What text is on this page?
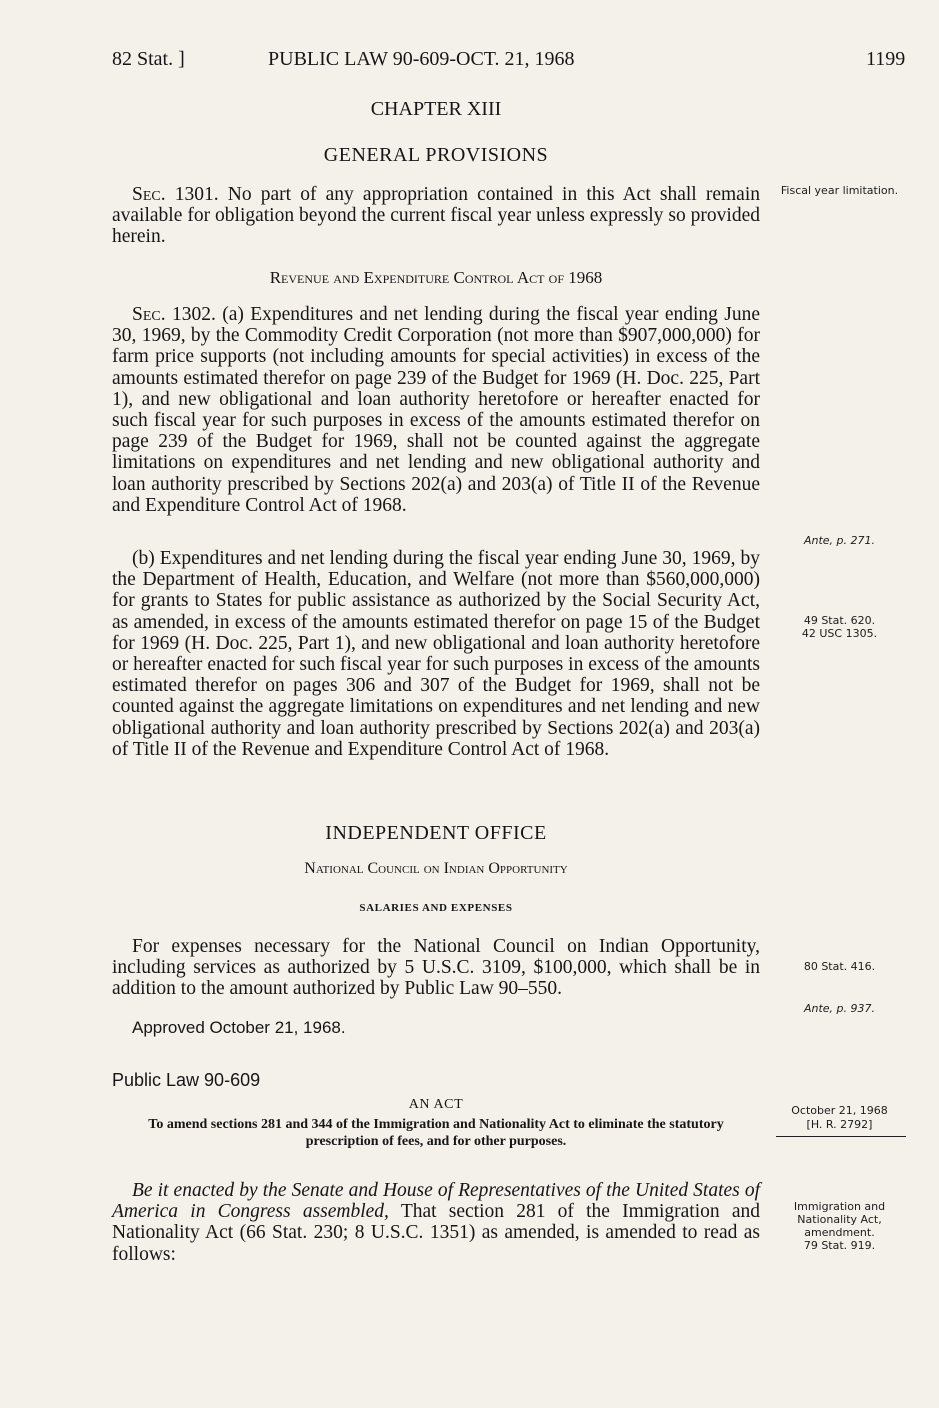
82 Stat. ]	PUBLIC LAW 90-609-OCT. 21, 1968	1199
CHAPTER XIII
GENERAL PROVISIONS
Sec. 1301. No part of any appropriation contained in this Act shall remain available for obligation beyond the current fiscal year unless expressly so provided herein.
Fiscal year limitation.
Revenue and Expenditure Control Act of 1968
Sec. 1302. (a) Expenditures and net lending during the fiscal year ending June 30, 1969, by the Commodity Credit Corporation (not more than $907,000,000) for farm price supports (not including amounts for special activities) in excess of the amounts estimated therefor on page 239 of the Budget for 1969 (H. Doc. 225, Part 1), and new obligational and loan authority heretofore or hereafter enacted for such fiscal year for such purposes in excess of the amounts estimated therefor on page 239 of the Budget for 1969, shall not be counted against the aggregate limitations on expenditures and net lending and new obligational authority and loan authority prescribed by Sections 202(a) and 203(a) of Title II of the Revenue and Expenditure Control Act of 1968.
Ante, p. 271.
(b) Expenditures and net lending during the fiscal year ending June 30, 1969, by the Department of Health, Education, and Welfare (not more than $560,000,000) for grants to States for public assistance as authorized by the Social Security Act, as amended, in excess of the amounts estimated therefor on page 15 of the Budget for 1969 (H. Doc. 225, Part 1), and new obligational and loan authority heretofore or hereafter enacted for such fiscal year for such purposes in excess of the amounts estimated therefor on pages 306 and 307 of the Budget for 1969, shall not be counted against the aggregate limitations on expenditures and net lending and new obligational authority and loan authority prescribed by Sections 202(a) and 203(a) of Title II of the Revenue and Expenditure Control Act of 1968.
49 Stat. 620.
42 USC 1305.
INDEPENDENT OFFICE
National Council on Indian Opportunity
SALARIES AND EXPENSES
For expenses necessary for the National Council on Indian Opportunity, including services as authorized by 5 U.S.C. 3109, $100,000, which shall be in addition to the amount authorized by Public Law 90–550.
80 Stat. 416.
Ante, p. 937.
Approved October 21, 1968.
Public Law 90-609
AN ACT
To amend sections 281 and 344 of the Immigration and Nationality Act to eliminate the statutory prescription of fees, and for other purposes.
October 21, 1968
[H. R. 2792]
Be it enacted by the Senate and House of Representatives of the United States of America in Congress assembled, That section 281 of the Immigration and Nationality Act (66 Stat. 230; 8 U.S.C. 1351) as amended, is amended to read as follows:
Immigration and
Nationality Act,
amendment.
79 Stat. 919.
